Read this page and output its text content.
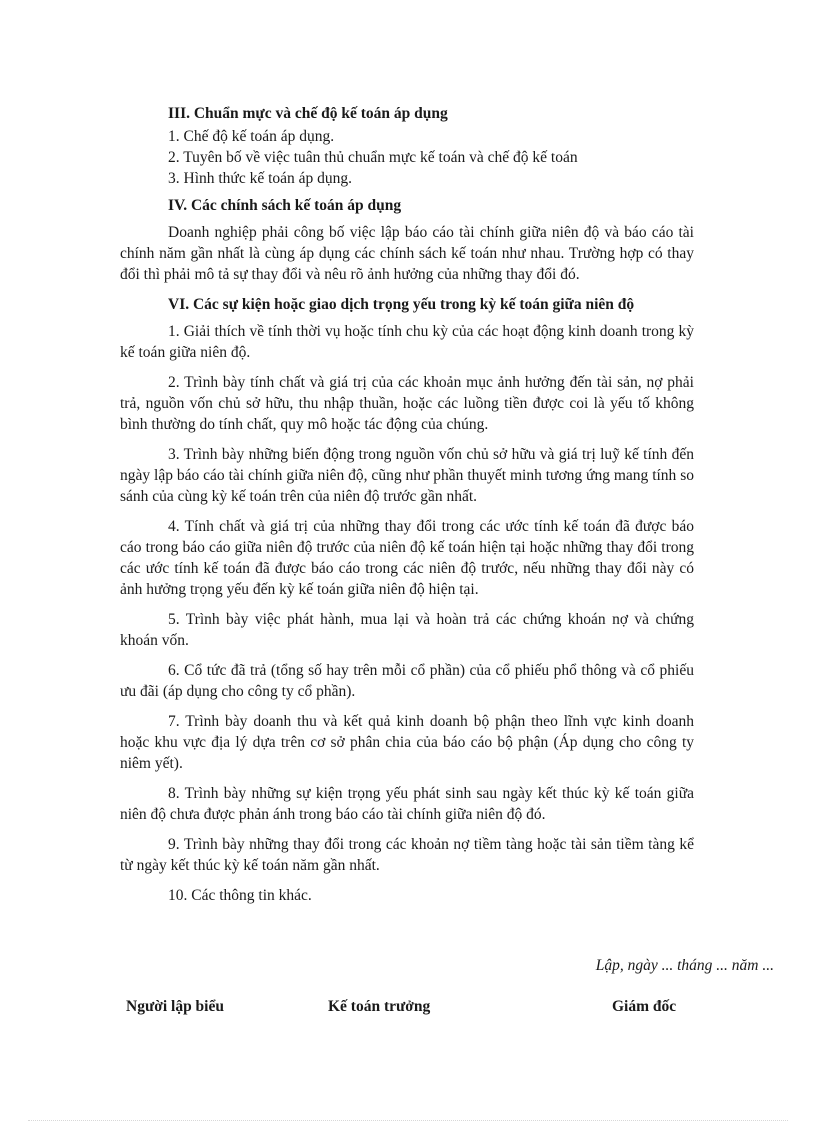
III. Chuẩn mực và chế độ kế toán áp dụng

1. Chế độ kế toán áp dụng.

2. Tuyên bố về việc tuân thủ chuẩn mực kế toán và chế độ kế toán

3. Hình thức kế toán áp dụng.

IV. Các chính sách kế toán áp dụng

Doanh nghiệp phải công bố việc lập báo cáo tài chính giữa niên độ và báo cáo tài chính năm gần nhất là cùng áp dụng các chính sách kế toán như nhau. Trường hợp có thay đổi thì phải mô tả sự thay đổi và nêu rõ ảnh hưởng của những thay đổi đó.

VI. Các sự kiện hoặc giao dịch trọng yếu trong kỳ kế toán giữa niên độ

1. Giải thích về tính thời vụ hoặc tính chu kỳ của các hoạt động kinh doanh trong kỳ kế toán giữa niên độ.

2. Trình bày tính chất và giá trị của các khoản mục ảnh hưởng đến tài sản, nợ phải trả, nguồn vốn chủ sở hữu, thu nhập thuần, hoặc các luồng tiền được coi là yếu tố không bình thường do tính chất, quy mô hoặc tác động của chúng.

3. Trình bày những biến động trong nguồn vốn chủ sở hữu và giá trị luỹ kế tính đến ngày lập báo cáo tài chính giữa niên độ, cũng như phần thuyết minh tương ứng mang tính so sánh của cùng kỳ kế toán trên của niên độ trước gần nhất.

4. Tính chất và giá trị của những thay đổi trong các ước tính kế toán đã được báo cáo trong báo cáo giữa niên độ trước của niên độ kế toán hiện tại hoặc những thay đổi trong các ước tính kế toán đã được báo cáo trong các niên độ trước, nếu những thay đổi này có ảnh hưởng trọng yếu đến kỳ kế toán giữa niên độ hiện tại.

5. Trình bày việc phát hành, mua lại và hoàn trả các chứng khoán nợ và chứng khoán vốn.

6. Cổ tức đã trả (tổng số hay trên mỗi cổ phần) của cổ phiếu phổ thông và cổ phiếu ưu đãi (áp dụng cho công ty cổ phần).

7. Trình bày doanh thu và kết quả kinh doanh bộ phận theo lĩnh vực kinh doanh hoặc khu vực địa lý dựa trên cơ sở phân chia của báo cáo bộ phận (Áp dụng cho công ty niêm yết).

8. Trình bày những sự kiện trọng yếu phát sinh sau ngày kết thúc kỳ kế toán giữa niên độ chưa được phản ánh trong báo cáo tài chính giữa niên độ đó.

9. Trình bày những thay đổi trong các khoản nợ tiềm tàng hoặc tài sản tiềm tàng kể từ ngày kết thúc kỳ kế toán năm gần nhất.

10. Các thông tin khác.

Lập, ngày ... tháng ... năm ...
Người lập biểu	Kế toán trưởng	Giám đốc
